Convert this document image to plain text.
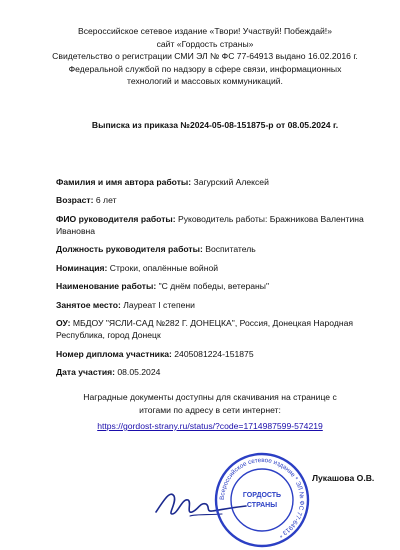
Всероссийское сетевое издание «Твори! Участвуй! Побеждай!»
сайт «Гордость страны»
Свидетельство о регистрации СМИ ЭЛ № ФС 77-64913 выдано 16.02.2016 г.
Федеральной службой по надзору в сфере связи, информационных
технологий и массовых коммуникаций.
Выписка из приказа №2024-05-08-151875-р от 08.05.2024 г.
Фамилия и имя автора работы: Загурский Алексей
Возраст: 6 лет
ФИО руководителя работы: Руководитель работы: Бражникова Валентина Ивановна
Должность руководителя работы: Воспитатель
Номинация: Строки, опалённые войной
Наименование работы: "С днём победы, ветераны"
Занятое место: Лауреат I степени
ОУ: МБДОУ "ЯСЛИ-САД №282 Г. ДОНЕЦКА", Россия, Донецкая Народная Республика, город Донецк
Номер диплома участника: 2405081224-151875
Дата участия: 08.05.2024
Наградные документы доступны для скачивания на странице с
итогами по адресу в сети интернет:
https://gordost-strany.ru/status/?code=1714987599-574219
Всероссийское сетевое издание * ЭЛ № ФС 77-64913 *
ГОРДОСТЬ
СТРАНЫ
Лукашова О.В.
